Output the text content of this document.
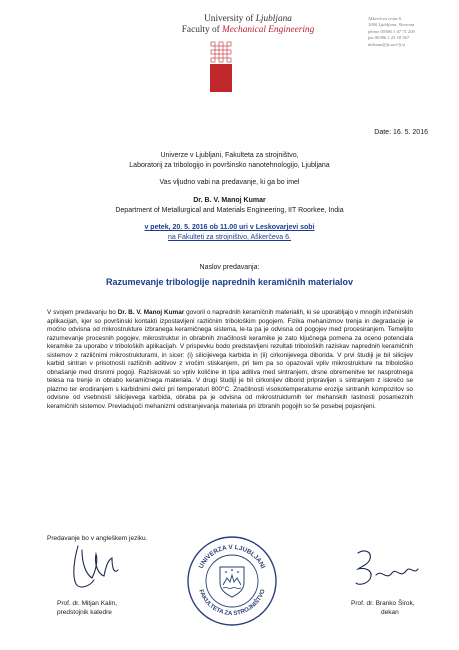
University of Ljubljana
Faculty of Mechanical Engineering
Aškerčeva cesta 6
1000 Ljubljana, Slovenia
phone 00386 1 47 71 200
fax 00386 1 25 18 567
dekanat@fs.uni-lj.si
Date: 16. 5. 2016
Univerze v Ljubljani, Fakulteta za strojništvo,
Laboratorij za tribologijo in površinsko nanotehnologijo, Ljubljana
Vas vljudno vabi na predavanje, ki ga bo imel
Dr. B. V. Manoj Kumar
Department of Metallurgical and Materials Engineering, IIT Roorkee, India
v petek, 20. 5. 2016 ob 11.00 uri v Leskovarjevi sobi
na Fakulteti za strojništvo, Aškerčeva 6.
Naslov predavanja:
Razumevanje tribologije naprednih keramičnih materialov
V svojem predavanju bo Dr. B. V. Manoj Kumar govoril o naprednih keramičnih materialih, ki se uporabljajo v mnogih inženirskih aplikacijah, kjer so površinski kontakti izpostavljeni različnim tribološkim pogojem. Fizika mehanizmov trenja in degradacije je močno odvisna od mikrostrukture izbranega keramičnega sistema, le-ta pa je odvisna od pogojev med procesiranjem. Temeljito razumevanje procesnih pogojev, mikrostruktur in obrabnih značilnosti keramike je zato ključnega pomena za oceno potenciala keramike za uporabo v triboloških aplikacijah. V prispevku bodo predstavljeni rezultati triboloških raziskav naprednih keramičnih sistemov z različnimi mikrostrukturami, in sicer: (i) silicijevega karbida in (ii) cirkonijevega diborida. V prvi študiji je bil silicijev karbid sintran v prisotnosti različnih aditivov z vročim stiskanjem, pri tem pa so opazovali vpliv mikrostrukture na tribološko obnašanje med drsnimi pogoji. Raziskovali so vpliv količine in tipa aditiva med sintranjem, drsne obremenitve ter nasprotnega telesa na trenje in obrabo keramičnega materiala. V drugi študiji je bil cirkonijev diborid pripravljen s sintranjem z iskrečo se plazmo ter erodiranjem s karbidnimi delci pri temperaturi 800°C. Značilnosti visokotemperaturne erozije sintranih kompozitov so odvisne od vsebnosti silicijevega karbida, obraba pa je odvisna od mikrostrukturnih ter mehanskih lastnosti posameznih keramičnih sistemov. Prevladujoči mehanizmi odstranjevanja materiala pri izbranih pogojih so še posebej pojasnjeni.
Predavanje bo v angleškem jeziku.
Prof. dr. Mitjan Kalin,
predstojnik katedre
Prof. dr. Branko Širok,
dekan
UNIVERZA V LJUBLJANI
FAKULTETA ZA STROJNIŠTVO
